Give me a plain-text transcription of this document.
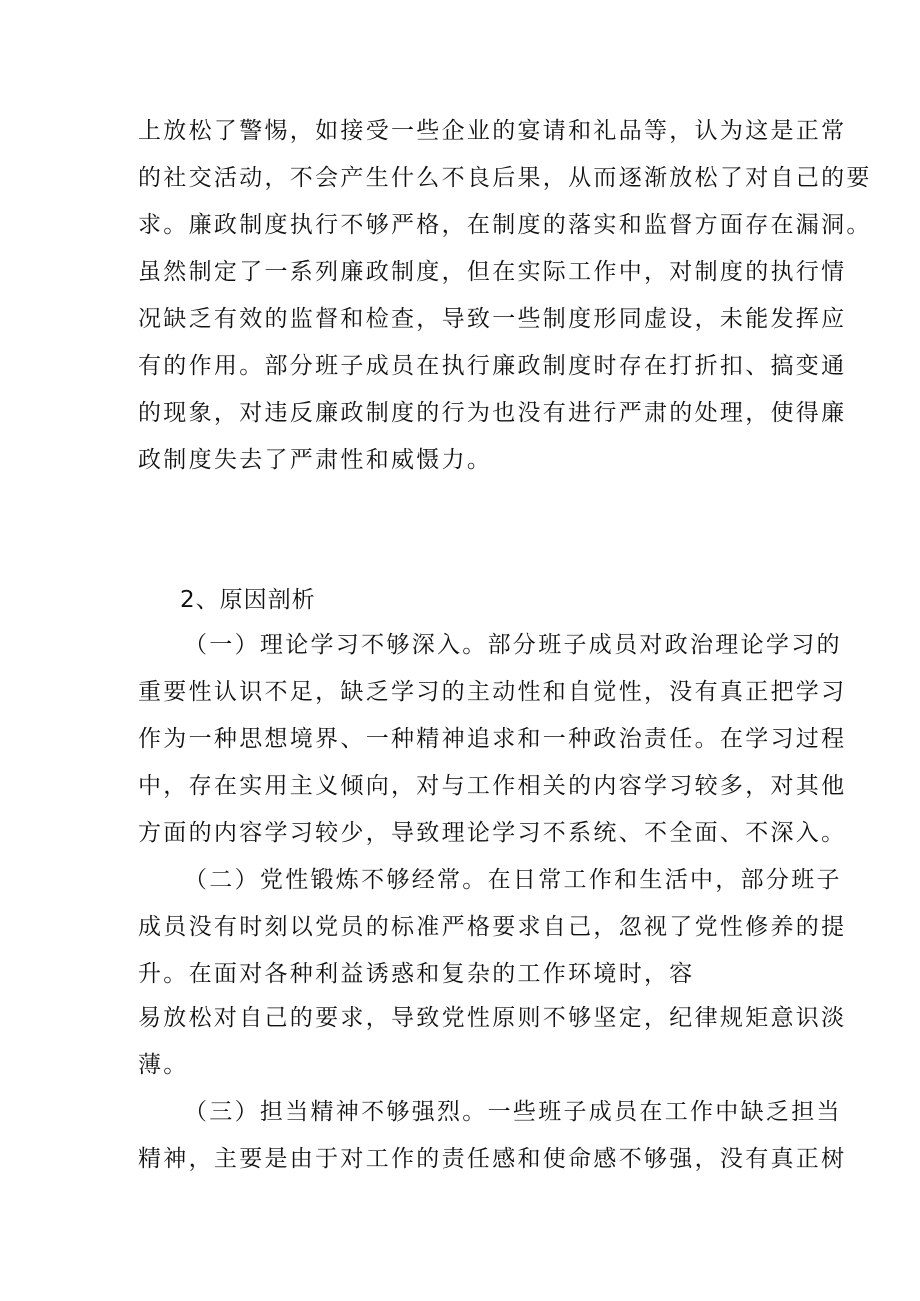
上放松了警惕，如接受一些企业的宴请和礼品等，认为这是正常
的社交活动，不会产生什么不良后果，从而逐渐放松了对自己的要
求。廉政制度执行不够严格，在制度的落实和监督方面存在漏洞。
虽然制定了一系列廉政制度，但在实际工作中，对制度的执行情
况缺乏有效的监督和检查，导致一些制度形同虚设，未能发挥应
有的作用。部分班子成员在执行廉政制度时存在打折扣、搞变通
的现象，对违反廉政制度的行为也没有进行严肃的处理，使得廉
政制度失去了严肃性和威慑力。
2、原因剖析
（一）理论学习不够深入。部分班子成员对政治理论学习的
重要性认识不足，缺乏学习的主动性和自觉性，没有真正把学习
作为一种思想境界、一种精神追求和一种政治责任。在学习过程
中，存在实用主义倾向，对与工作相关的内容学习较多，对其他
方面的内容学习较少，导致理论学习不系统、不全面、不深入。
（二）党性锻炼不够经常。在日常工作和生活中，部分班子
成员没有时刻以党员的标准严格要求自己，忽视了党性修养的提
升。在面对各种利益诱惑和复杂的工作环境时，容
易放松对自己的要求，导致党性原则不够坚定，纪律规矩意识淡
薄。
（三）担当精神不够强烈。一些班子成员在工作中缺乏担当
精神，主要是由于对工作的责任感和使命感不够强，没有真正树
